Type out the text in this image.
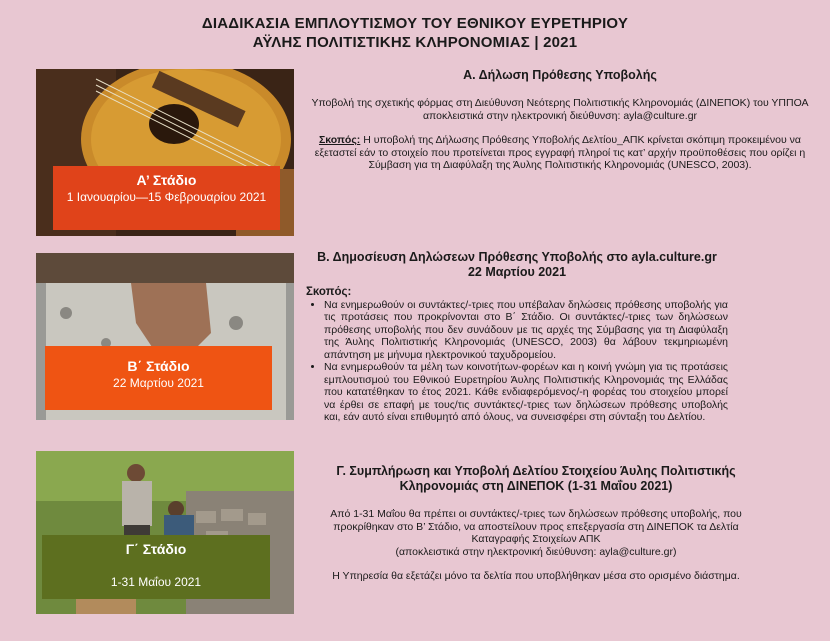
ΔΙΑΔΙΚΑΣΙΑ ΕΜΠΛΟΥΤΙΣΜΟΥ ΤΟΥ ΕΘΝΙΚΟΥ ΕΥΡΕΤΗΡΙΟΥ
ΑΫΛΗΣ ΠΟΛΙΤΙΣΤΙΚΗΣ ΚΛΗΡΟΝΟΜΙΑΣ | 2021
Α’ Στάδιο
1 Ιανουαρίου—15 Φεβρουαρίου 2021
Β΄ Στάδιο
22 Μαρτίου 2021
Γ΄ Στάδιο
1-31 Μαΐου 2021
Α. Δήλωση Πρόθεσης Υποβολής

Υποβολή της σχετικής φόρμας στη Διεύθυνση Νεότερης Πολιτιστικής Κληρονομιάς (ΔΙΝΕΠΟΚ) του ΥΠΠΟΑ αποκλειστικά στην ηλεκτρονική διεύθυνση: ayla@culture.gr

Σκοπός: Η υποβολή της Δήλωσης Πρόθεσης Υποβολής Δελτίου_ΑΠΚ κρίνεται σκόπιμη προκειμένου να εξεταστεί εάν το στοιχείο που προτείνεται προς εγγραφή πληροί τις κατ’ αρχήν προϋποθέσεις που ορίζει η Σύμβαση για τη Διαφύλαξη της Άυλης Πολιτιστικής Κληρονομιάς (UNESCO, 2003).

Β. Δημοσίευση Δηλώσεων Πρόθεσης Υποβολής στο ayla.culture.gr
22 Μαρτίου 2021
Σκοπός:
• Να ενημερωθούν οι συντάκτες/-τριες που υπέβαλαν δηλώσεις πρόθεσης υποβολής για τις προτάσεις που προκρίνονται στο Β΄ Στάδιο. Οι συντάκτες/-τριες των δηλώσεων πρόθεσης υποβολής που δεν συνάδουν με τις αρχές της Σύμβασης για τη Διαφύλαξη της Άυλης Πολιτιστικής Κληρονομιάς (UNESCO, 2003) θα λάβουν τεκμηριωμένη απάντηση με μήνυμα ηλεκτρονικού ταχυδρομείου.
• Να ενημερωθούν τα μέλη των κοινοτήτων-φορέων και η κοινή γνώμη για τις προτάσεις εμπλουτισμού του Εθνικού Ευρετηρίου Άυλης Πολιτιστικής Κληρονομιάς της Ελλάδας που κατατέθηκαν το έτος 2021. Κάθε ενδιαφερόμενος/-η φορέας του στοιχείου μπορεί να έρθει σε επαφή με τους/τις συντάκτες/-τριες των δηλώσεων πρόθεσης υποβολής και, εάν αυτό είναι επιθυμητό από όλους, να συνεισφέρει στη σύνταξη του Δελτίου.
Γ. Συμπλήρωση και Υποβολή Δελτίου Στοιχείου Άυλης Πολιτιστικής
Κληρονομιάς στη ΔΙΝΕΠΟΚ (1-31 Μαΐου 2021)

Από 1-31 Μαΐου θα πρέπει οι συντάκτες/-τριες των δηλώσεων πρόθεσης υποβολής, που προκρίθηκαν στο Β’ Στάδιο, να αποστείλουν προς επεξεργασία στη ΔΙΝΕΠΟΚ τα Δελτία Καταγραφής Στοιχείων ΑΠΚ

(αποκλειστικά στην ηλεκτρονική διεύθυνση: ayla@culture.gr)

Η Υπηρεσία θα εξετάζει μόνο τα δελτία που υποβλήθηκαν μέσα στο ορισμένο διάστημα.
